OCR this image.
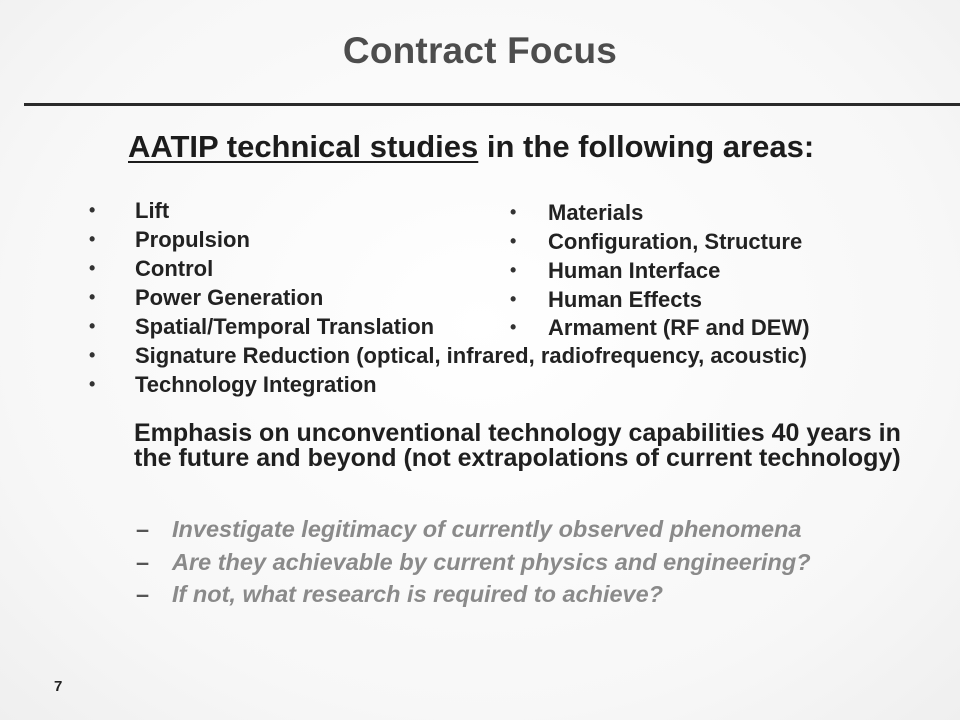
Contract Focus
AATIP technical studies in the following areas:
• Lift
• Propulsion
• Control
• Power Generation
• Spatial/Temporal Translation
• Signature Reduction (optical, infrared, radiofrequency, acoustic)
• Technology Integration
• Materials
• Configuration, Structure
• Human Interface
• Human Effects
• Armament (RF and DEW)
Emphasis on unconventional technology capabilities 40 years in the future and beyond (not extrapolations of current technology)
– Investigate legitimacy of currently observed phenomena
– Are they achievable by current physics and engineering?
– If not, what research is required to achieve?
7
